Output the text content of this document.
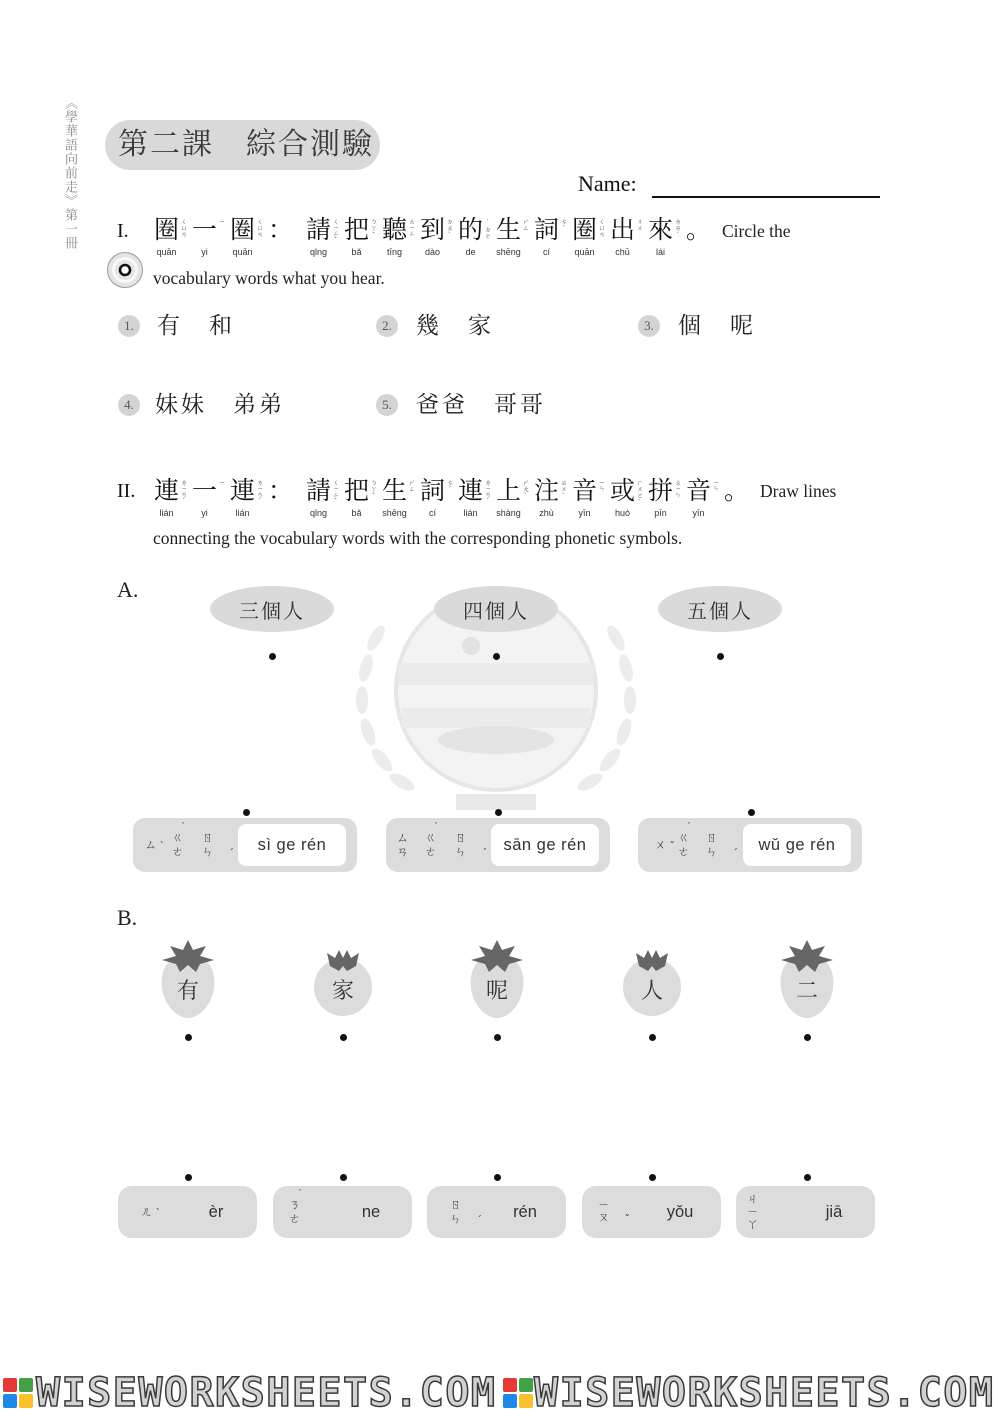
《學華語向前走》第一冊 第二課　綜合測驗
Name:
I. 圈 ㄑㄩㄢ
quān
一 ㄧ
yi
圈 ㄑㄩㄢ
quān
： 請 ㄑㄧㄥˇ
qǐng
把 ㄅㄚˇ
bǎ
聽 ㄊㄧㄥ
tīng
到 ㄉㄠˋ
dào
的 ˙ㄉㄜ
de
生 ㄕㄥ
shēng
詞 ㄘˊ
cí
圈 ㄑㄩㄢ
quān
出 ㄔㄨ
chū
來 ㄌㄞˊ
lái
。 Circle the
vocabulary words what you hear.
1. 有　和	2. 幾　家	3. 個　呢
4. 妹妹　弟弟	5. 爸爸　哥哥
II. 連 ㄌㄧㄢˊ
lián
一 ㄧ
yi
連 ㄌㄧㄢˊ
lián
： 請 ㄑㄧㄥˇ
qǐng
把 ㄅㄚˇ
bǎ
生 ㄕㄥ
shēng
詞 ㄘˊ
cí
連 ㄌㄧㄢˊ
lián
上 ㄕㄤˋ
shàng
注 ㄓㄨˋ
zhù
音 ㄧㄣ
yīn
或 ㄏㄨㄛˋ
huò
拼 ㄆㄧㄣ
pīn
音 ㄧㄣ
yīn
。 Draw lines
connecting the vocabulary words with the corresponding phonetic symbols.
A.
三個人	四個人	五個人
ㄙ ˋ ㄍㄜ
˙
ㄖㄣ ˊ sì ge rén	ㄙㄢ ㄍㄜ
˙
ㄖㄣ ˊ sān ge rén	ㄨ ˇ ㄍㄜ
˙
ㄖㄣ ˊ wǔ ge rén
B.
有	家	呢	人	二
ㄦ ˋ	èr	ㄋㄜ
˙
ne	ㄖㄣ ˊ	rén	ㄧㄡ ˇ	yǒu	ㄐㄧㄚ	jiā
WISEWORKSHEETS.COM WISEWORKSHEETS.COM
